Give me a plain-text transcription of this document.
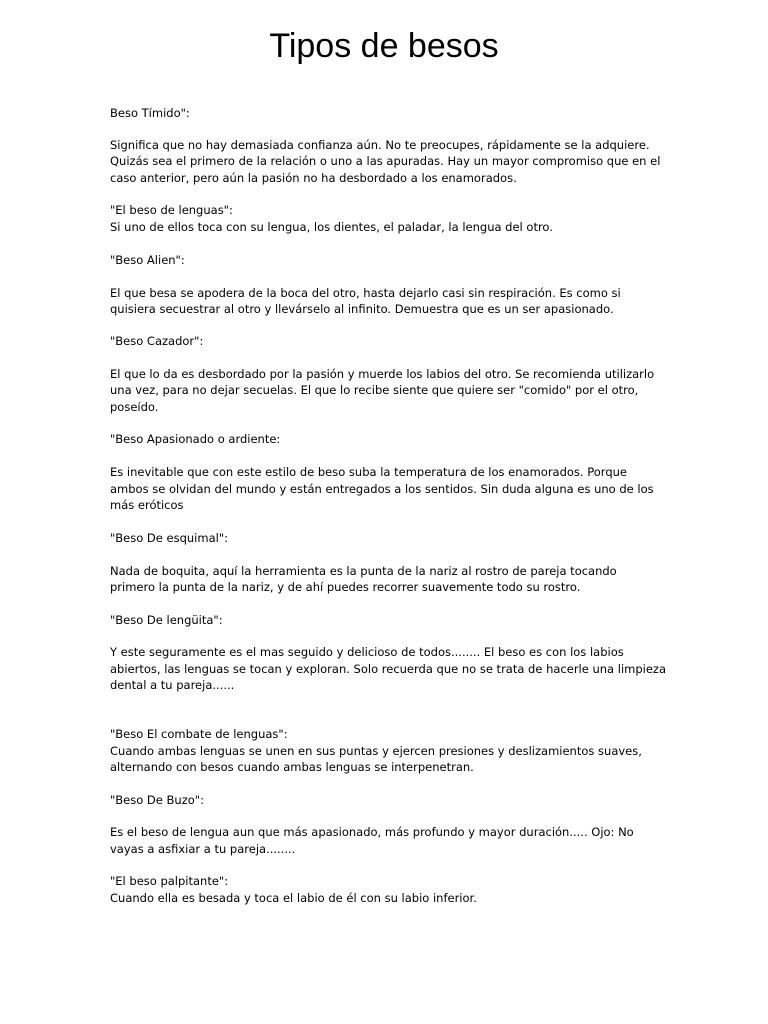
Tipos de besos

Beso Tímido":

Significa que no hay demasiada confianza aún. No te preocupes, rápidamente se la adquiere.

Quizás sea el primero de la relación o uno a las apuradas. Hay un mayor compromiso que en el

caso anterior, pero aún la pasión no ha desbordado a los enamorados.

"El beso de lenguas":

Si uno de ellos toca con su lengua, los dientes, el paladar, la lengua del otro.

"Beso Alien":

El que besa se apodera de la boca del otro, hasta dejarlo casi sin respiración. Es como si

quisiera secuestrar al otro y llevárselo al infinito. Demuestra que es un ser apasionado.

"Beso Cazador":

El que lo da es desbordado por la pasión y muerde los labios del otro. Se recomienda utilizarlo

una vez, para no dejar secuelas. El que lo recibe siente que quiere ser "comido" por el otro,

poseído.

"Beso Apasionado o ardiente:

Es inevitable que con este estilo de beso suba la temperatura de los enamorados. Porque

ambos se olvidan del mundo y están entregados a los sentidos. Sin duda alguna es uno de los

más eróticos

"Beso De esquimal":

Nada de boquita, aquí la herramienta es la punta de la nariz al rostro de pareja tocando

primero la punta de la nariz, y de ahí puedes recorrer suavemente todo su rostro.

"Beso De lengüita":

Y este seguramente es el mas seguido y delicioso de todos........ El beso es con los labios

abiertos, las lenguas se tocan y exploran. Solo recuerda que no se trata de hacerle una limpieza

dental a tu pareja......

"Beso El combate de lenguas":

Cuando ambas lenguas se unen en sus puntas y ejercen presiones y deslizamientos suaves,

alternando con besos cuando ambas lenguas se interpenetran.

"Beso De Buzo":

Es el beso de lengua aun que más apasionado, más profundo y mayor duración..... Ojo: No

vayas a asfixiar a tu pareja........

"El beso palpitante":

Cuando ella es besada y toca el labio de él con su labio inferior.
